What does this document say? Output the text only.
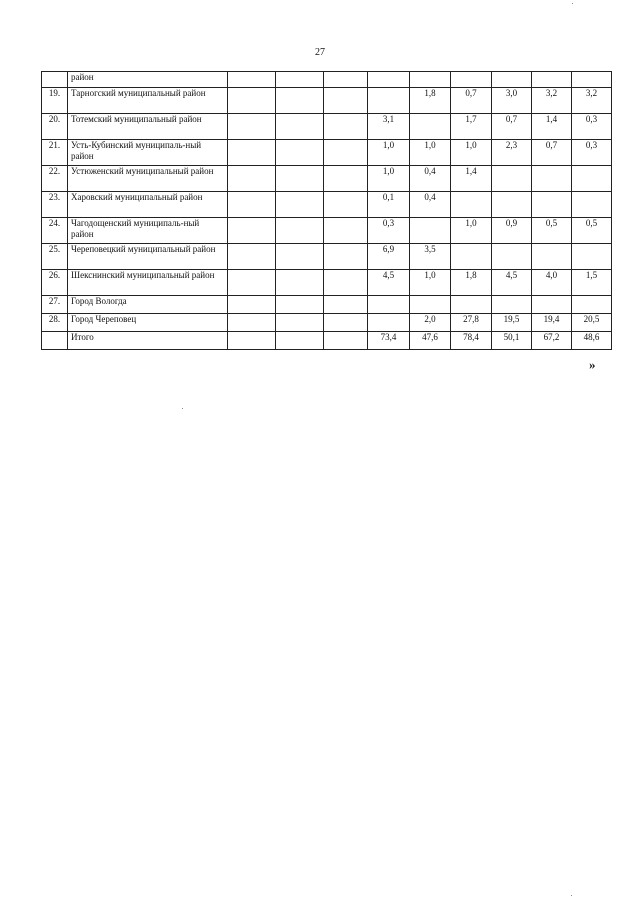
27
	район									
19.	Тарногский муниципальный район					1,8	0,7	3,0	3,2	3,2
20.	Тотемский муниципальный район				3,1		1,7	0,7	1,4	0,3
21.	Усть-Кубинский муниципаль-ный район				1,0	1,0	1,0	2,3	0,7	0,3
22.	Устюженский муниципальный район				1,0	0,4	1,4			
23.	Харовский муниципальный район				0,1	0,4				
24.	Чагодощенский муниципаль-ный район				0,3		1,0	0,9	0,5	0,5
25.	Череповецкий муниципальный район				6,9	3,5				
26.	Шекснинский муниципальный район				4,5	1,0	1,8	4,5	4,0	1,5
27.	Город Вологда									
28.	Город Череповец					2,0	27,8	19,5	19,4	20,5
	Итого				73,4	47,6	78,4	50,1	67,2	48,6
»
